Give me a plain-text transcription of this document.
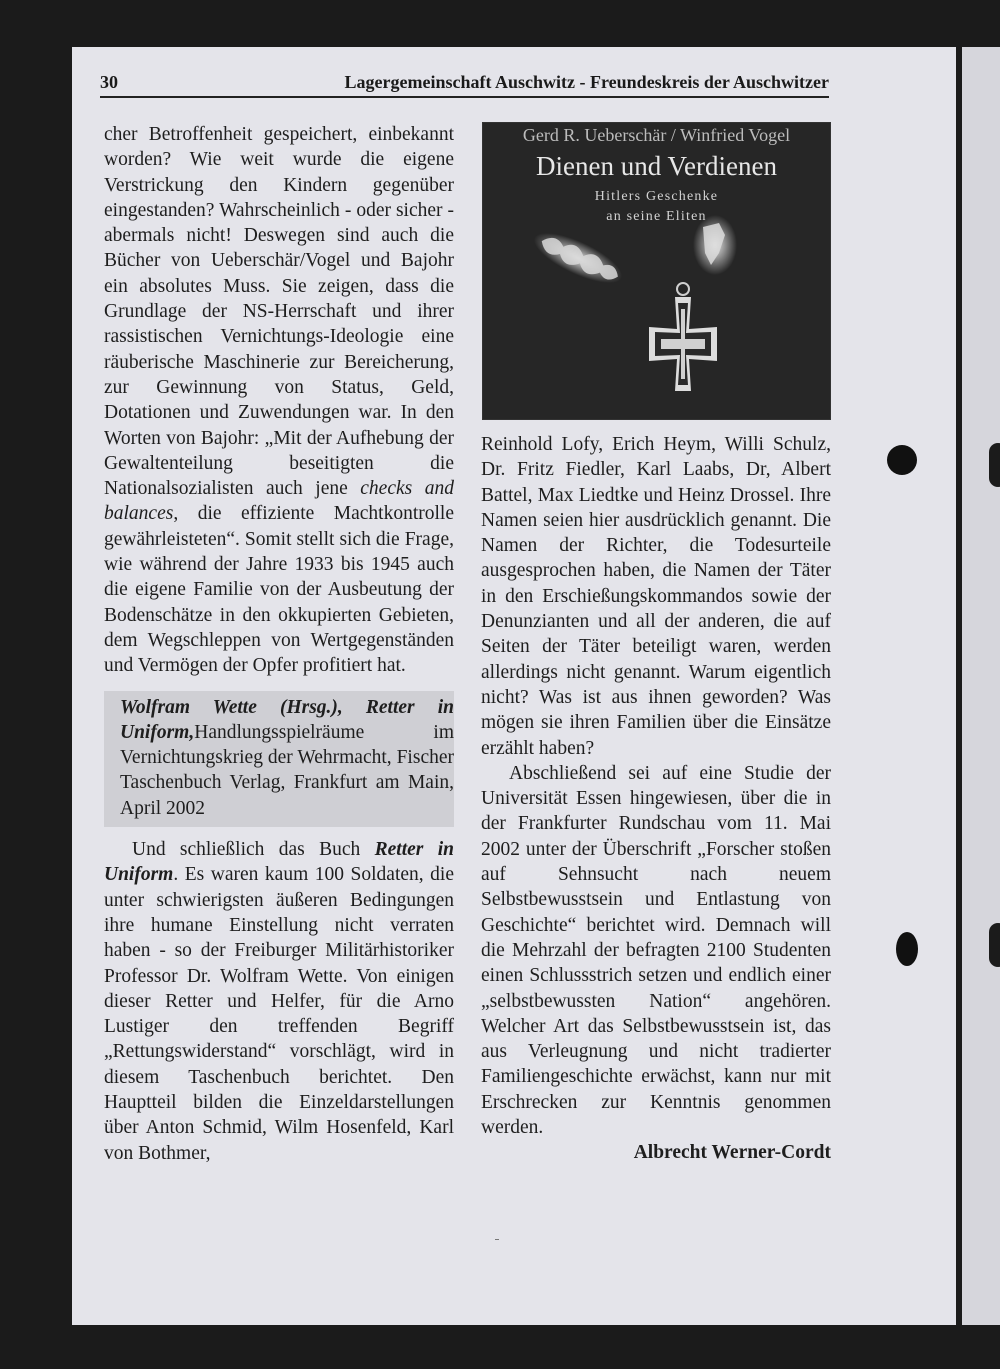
30	Lagergemeinschaft Auschwitz - Freundeskreis der Auschwitzer

cher Betroffenheit gespeichert, einbekannt worden? Wie weit wurde die eigene Verstrickung den Kindern gegenüber eingestanden? Wahrscheinlich - oder sicher - abermals nicht! Deswegen sind auch die Bücher von Ueberschär/Vogel und Bajohr ein absolutes Muss. Sie zeigen, dass die Grundlage der NS-Herrschaft und ihrer rassistischen Vernichtungs-Ideologie eine räuberische Maschinerie zur Bereicherung, zur Gewinnung von Status, Geld, Dotationen und Zuwendungen war. In den Worten von Bajohr: „Mit der Aufhebung der Gewaltenteilung beseitigten die Nationalsozialisten auch jene checks and balances, die effiziente Machtkontrolle gewährleisteten“. Somit stellt sich die Frage, wie während der Jahre 1933 bis 1945 auch die eigene Familie von der Ausbeutung der Bodenschätze in den okkupierten Gebieten, dem Wegschleppen von Wertgegenständen und Vermögen der Opfer profitiert hat.

Wolfram Wette (Hrsg.), Retter in Uniform,Handlungsspielräume im Vernichtungskrieg der Wehrmacht, Fischer Taschenbuch Verlag, Frankfurt am Main, April 2002

Und schließlich das Buch Retter in Uniform. Es waren kaum 100 Soldaten, die unter schwierigsten äußeren Bedingungen ihre humane Einstellung nicht verraten haben - so der Freiburger Militärhistoriker Professor Dr. Wolfram Wette. Von einigen dieser Retter und Helfer, für die Arno Lustiger den treffenden Begriff „Rettungswiderstand“ vorschlägt, wird in diesem Taschenbuch berichtet. Den Hauptteil bilden die Einzeldarstellungen über Anton Schmid, Wilm Hosenfeld, Karl von Bothmer,

Gerd R. Ueberschär / Winfried Vogel
Dienen und Verdienen
Hitlers Geschenke
an seine Eliten

Reinhold Lofy, Erich Heym, Willi Schulz, Dr. Fritz Fiedler, Karl Laabs, Dr, Albert Battel, Max Liedtke und Heinz Drossel. Ihre Namen seien hier ausdrücklich genannt. Die Namen der Richter, die Todesurteile ausgesprochen haben, die Namen der Täter in den Erschießungskommandos sowie der Denunzianten und all der anderen, die auf Seiten der Täter beteiligt waren, werden allerdings nicht genannt. Warum eigentlich nicht? Was ist aus ihnen geworden? Was mögen sie ihren Familien über die Einsätze erzählt haben?

Abschließend sei auf eine Studie der Universität Essen hingewiesen, über die in der Frankfurter Rundschau vom 11. Mai 2002 unter der Überschrift „Forscher stoßen auf Sehnsucht nach neuem Selbstbewusstsein und Entlastung von Geschichte“ berichtet wird. Demnach will die Mehrzahl der befragten 2100 Studenten einen Schlussstrich setzen und endlich einer „selbstbewussten Nation“ angehören. Welcher Art das Selbstbewusstsein ist, das aus Verleugnung und nicht tradierter Familiengeschichte erwächst, kann nur mit Erschrecken zur Kenntnis genommen werden.

Albrecht Werner-Cordt
